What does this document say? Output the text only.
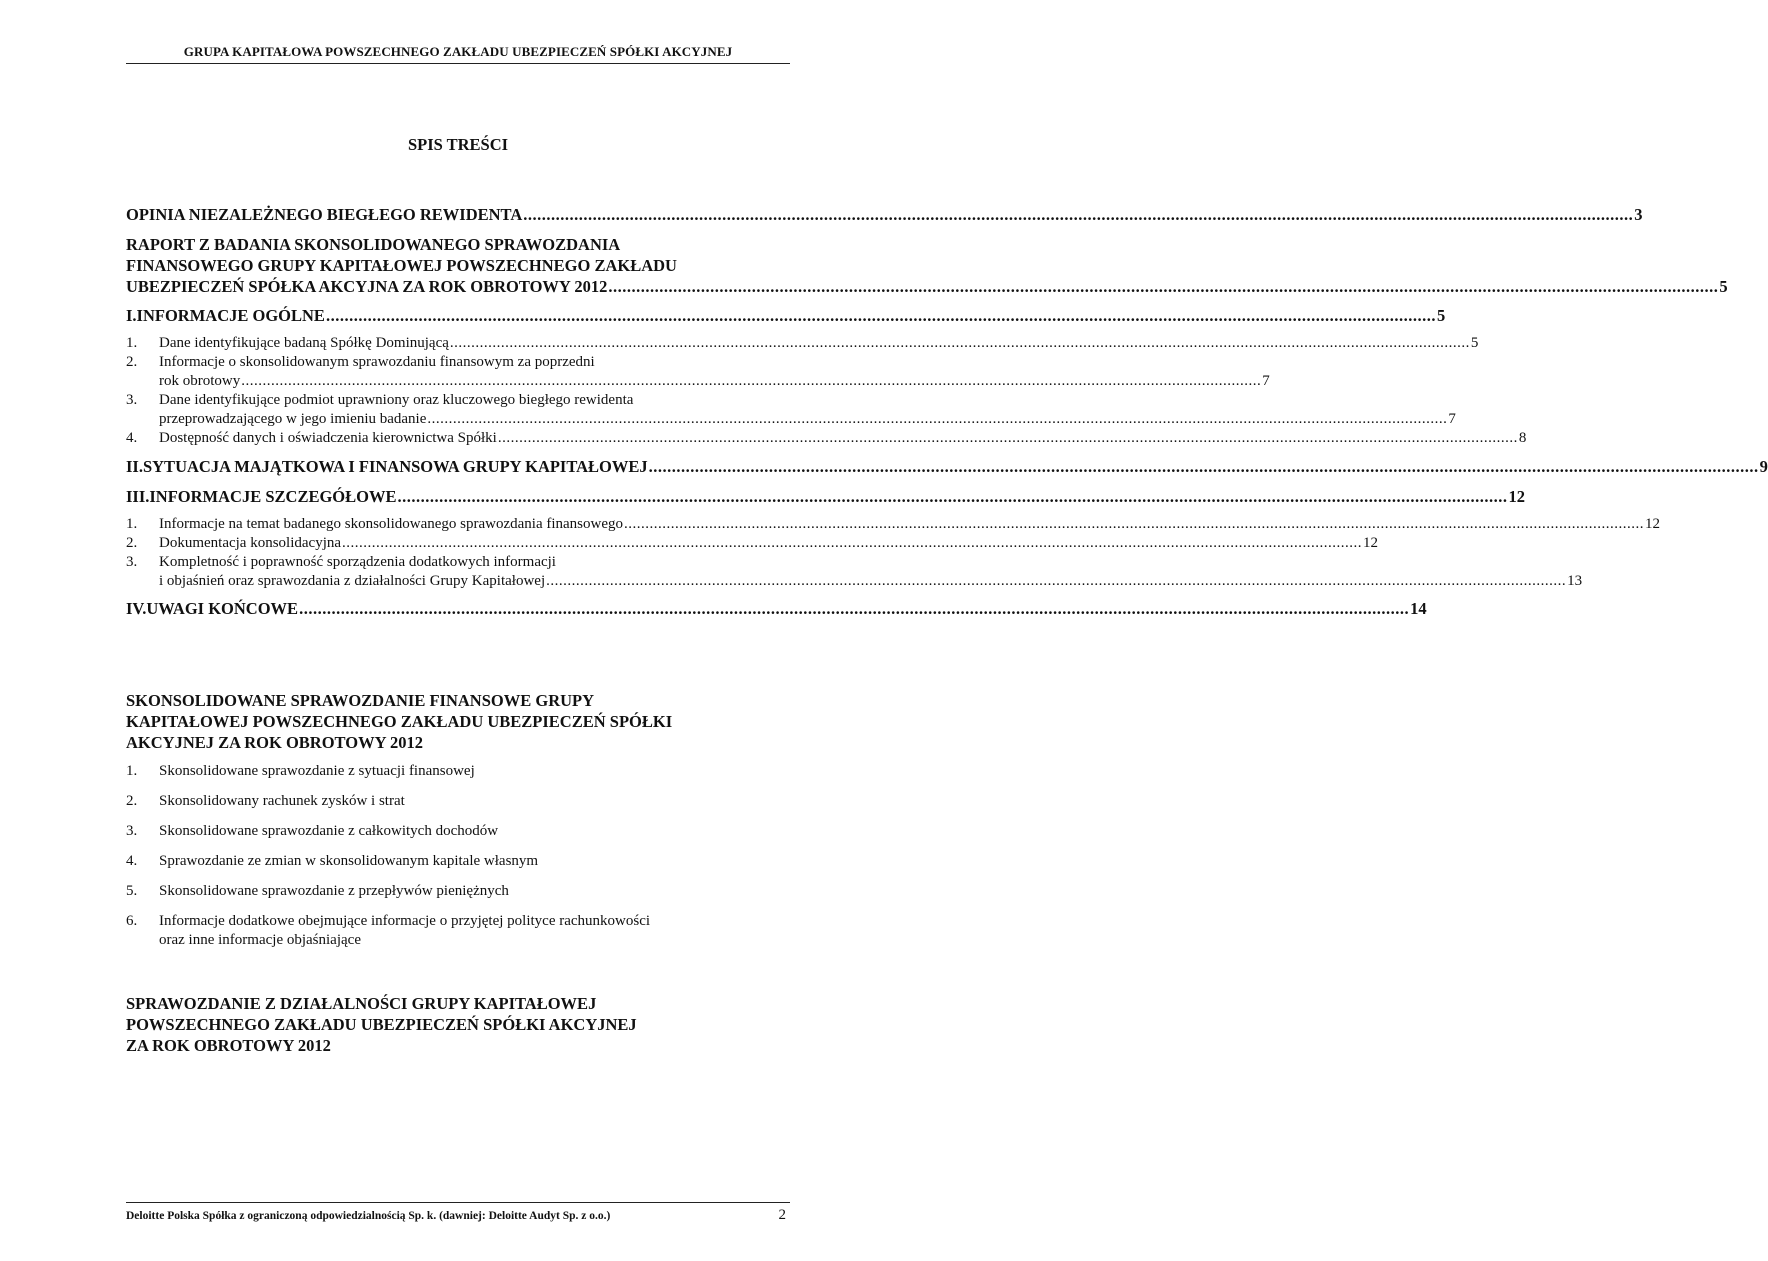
GRUPA KAPITAŁOWA POWSZECHNEGO ZAKŁADU UBEZPIECZEŃ SPÓŁKI AKCYJNEJ
SPIS TREŚCI
OPINIA NIEZALEŻNEGO BIEGŁEGO REWIDENTA .....	3
RAPORT Z BADANIA SKONSOLIDOWANEGO SPRAWOZDANIA
FINANSOWEGO GRUPY KAPITAŁOWEJ POWSZECHNEGO ZAKŁADU
UBEZPIECZEŃ SPÓŁKA AKCYJNA ZA ROK OBROTOWY 2012 .....	5
I. INFORMACJE OGÓLNE .....	5
1.	Dane identyfikujące badaną Spółkę Dominującą .....	5
2.	Informacje o skonsolidowanym sprawozdaniu finansowym za poprzedni
rok obrotowy .....	7
3.	Dane identyfikujące podmiot uprawniony oraz kluczowego biegłego rewidenta
przeprowadzającego w jego imieniu badanie .....	7
4.	Dostępność danych i oświadczenia kierownictwa Spółki .....	8
II. SYTUACJA MAJĄTKOWA I FINANSOWA GRUPY KAPITAŁOWEJ .....	9
III. INFORMACJE SZCZEGÓŁOWE .....	12
1.	Informacje na temat badanego skonsolidowanego sprawozdania finansowego .....	12
2.	Dokumentacja konsolidacyjna .....	12
3.	Kompletność i poprawność sporządzenia dodatkowych informacji
i objaśnień oraz sprawozdania z działalności Grupy Kapitałowej .....	13
IV. UWAGI KOŃCOWE .....	14
SKONSOLIDOWANE SPRAWOZDANIE FINANSOWE GRUPY
KAPITAŁOWEJ POWSZECHNEGO ZAKŁADU UBEZPIECZEŃ SPÓŁKI
AKCYJNEJ ZA ROK OBROTOWY 2012
1.	Skonsolidowane sprawozdanie z sytuacji finansowej
2.	Skonsolidowany rachunek zysków i strat
3.	Skonsolidowane sprawozdanie z całkowitych dochodów
4.	Sprawozdanie ze zmian w skonsolidowanym kapitale własnym
5.	Skonsolidowane sprawozdanie z przepływów pieniężnych
6.	Informacje dodatkowe obejmujące informacje o przyjętej polityce rachunkowości
oraz inne informacje objaśniające
SPRAWOZDANIE Z DZIAŁALNOŚCI GRUPY KAPITAŁOWEJ
POWSZECHNEGO ZAKŁADU UBEZPIECZEŃ SPÓŁKI AKCYJNEJ
ZA ROK OBROTOWY 2012
Deloitte Polska Spółka z ograniczoną odpowiedzialnością Sp. k. (dawniej: Deloitte Audyt Sp. z o.o.)	2
